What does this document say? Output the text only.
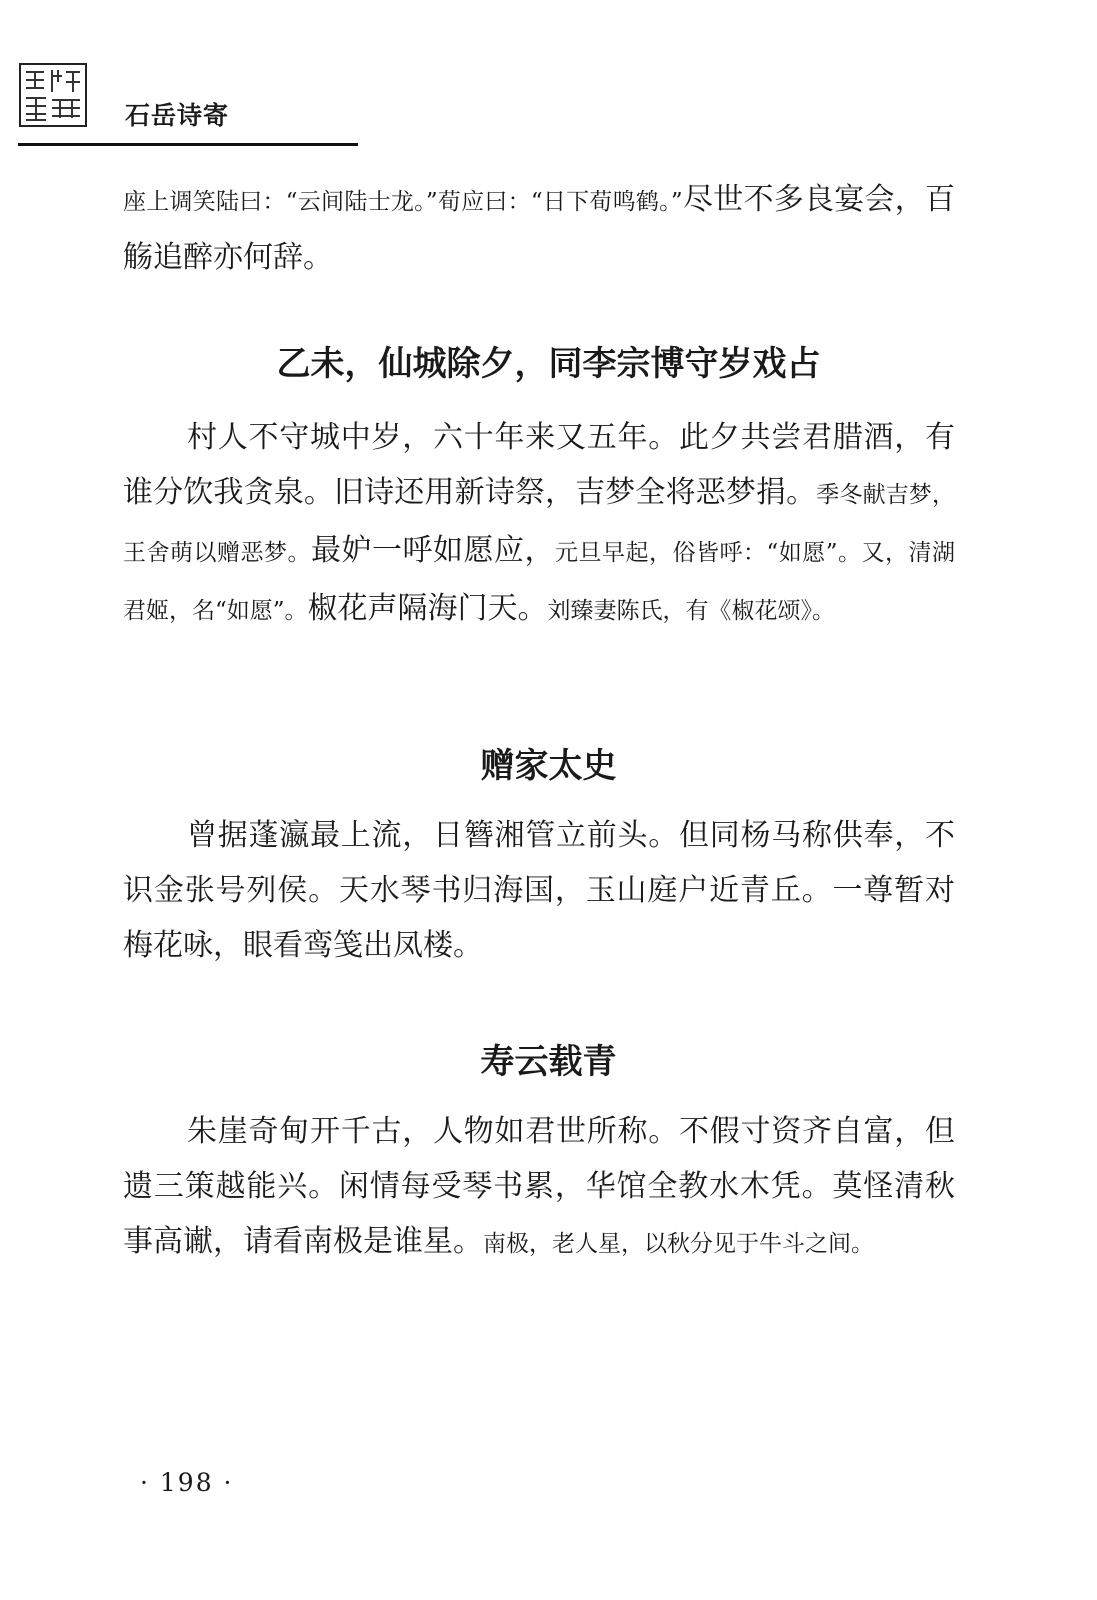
石岳诗寄

座上调笑陆曰：“云间陆士龙。”荀应曰：“日下荀鸣鹤。”尽世不多良宴会，百觞追醉亦何辞。

乙未，仙城除夕，同李宗博守岁戏占

村人不守城中岁，六十年来又五年。此夕共尝君腊酒，有谁分饮我贪泉。旧诗还用新诗祭，吉梦全将恶梦捐。季冬献吉梦，王舍萌以赠恶梦。最妒一呼如愿应，元旦早起，俗皆呼：“如愿”。又，清湖君姬，名“如愿”。椒花声隔海门天。刘臻妻陈氏，有《椒花颂》。

赠家太史

曾据蓬瀛最上流，日簪湘管立前头。但同杨马称供奉，不识金张号列侯。天水琴书归海国，玉山庭户近青丘。一尊暂对梅花咏，眼看鸾笺出凤楼。

寿云载青

朱崖奇甸开千古，人物如君世所称。不假寸资齐自富，但遗三策越能兴。闲情每受琴书累，华馆全教水木凭。莫怪清秋事高谳，请看南极是谁星。南极，老人星，以秋分见于牛斗之间。

· 198 ·
